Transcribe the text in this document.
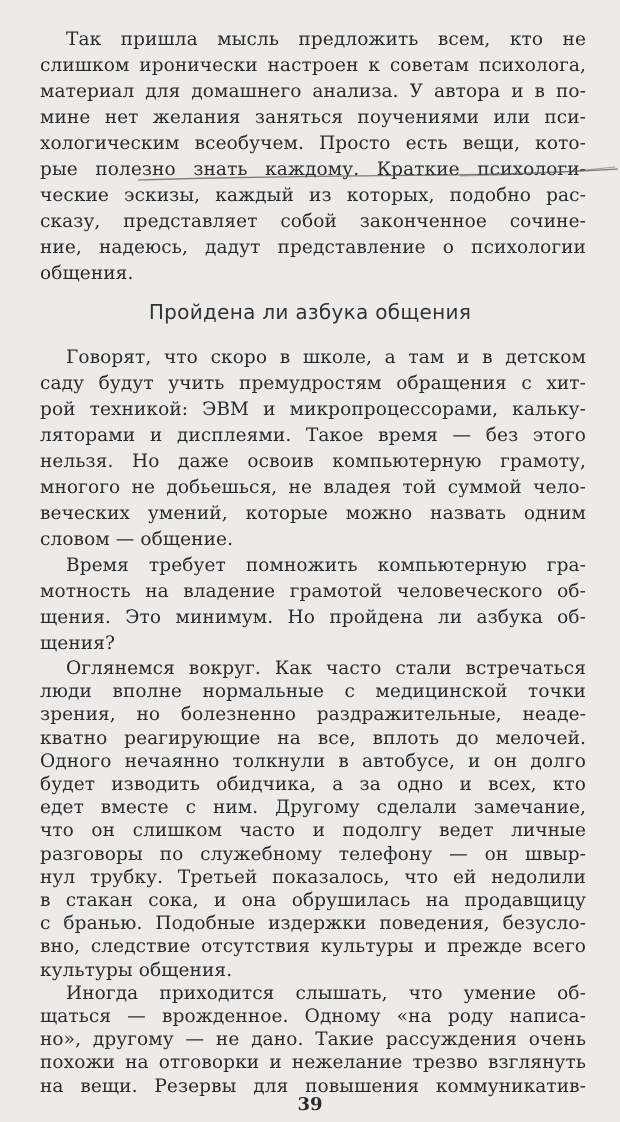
Так пришла мысль предложить всем, кто не
слишком иронически настроен к советам психолога,
материал для домашнего анализа. У автора и в по-
мине нет желания заняться поучениями или пси-
хологическим всеобучем. Просто есть вещи, кото-
рые полезно знать каждому. Краткие психологи-
ческие эскизы, каждый из которых, подобно рас-
сказу, представляет собой законченное сочине-
ние, надеюсь, дадут представление о психологии
общения.
Пройдена ли азбука общения
Говорят, что скоро в школе, а там и в детском
саду будут учить премудростям обращения с хит-
рой техникой: ЭВМ и микропроцессорами, кальку-
ляторами и дисплеями. Такое время — без этого
нельзя. Но даже освоив компьютерную грамоту,
многого не добьешься, не владея той суммой чело-
веческих умений, которые можно назвать одним
словом — общение.
Время требует помножить компьютерную гра-
мотность на владение грамотой человеческого об-
щения. Это минимум. Но пройдена ли азбука об-
щения?
Оглянемся вокруг. Как часто стали встречаться
люди вполне нормальные с медицинской точки
зрения, но болезненно раздражительные, неаде-
кватно реагирующие на все, вплоть до мелочей.
Одного нечаянно толкнули в автобусе, и он долго
будет изводить обидчика, а за одно и всех, кто
едет вместе с ним. Другому сделали замечание,
что он слишком часто и подолгу ведет личные
разговоры по служебному телефону — он швыр-
нул трубку. Третьей показалось, что ей недолили
в стакан сока, и она обрушилась на продавщицу
с бранью. Подобные издержки поведения, безусло-
вно, следствие отсутствия культуры и прежде всего
культуры общения.
Иногда приходится слышать, что умение об-
39
щаться — врожденное. Одному «на роду написа-
но», другому — не дано. Такие рассуждения очень
похожи на отговорки и нежелание трезво взглянуть
на вещи. Резервы для повышения коммуникатив-
